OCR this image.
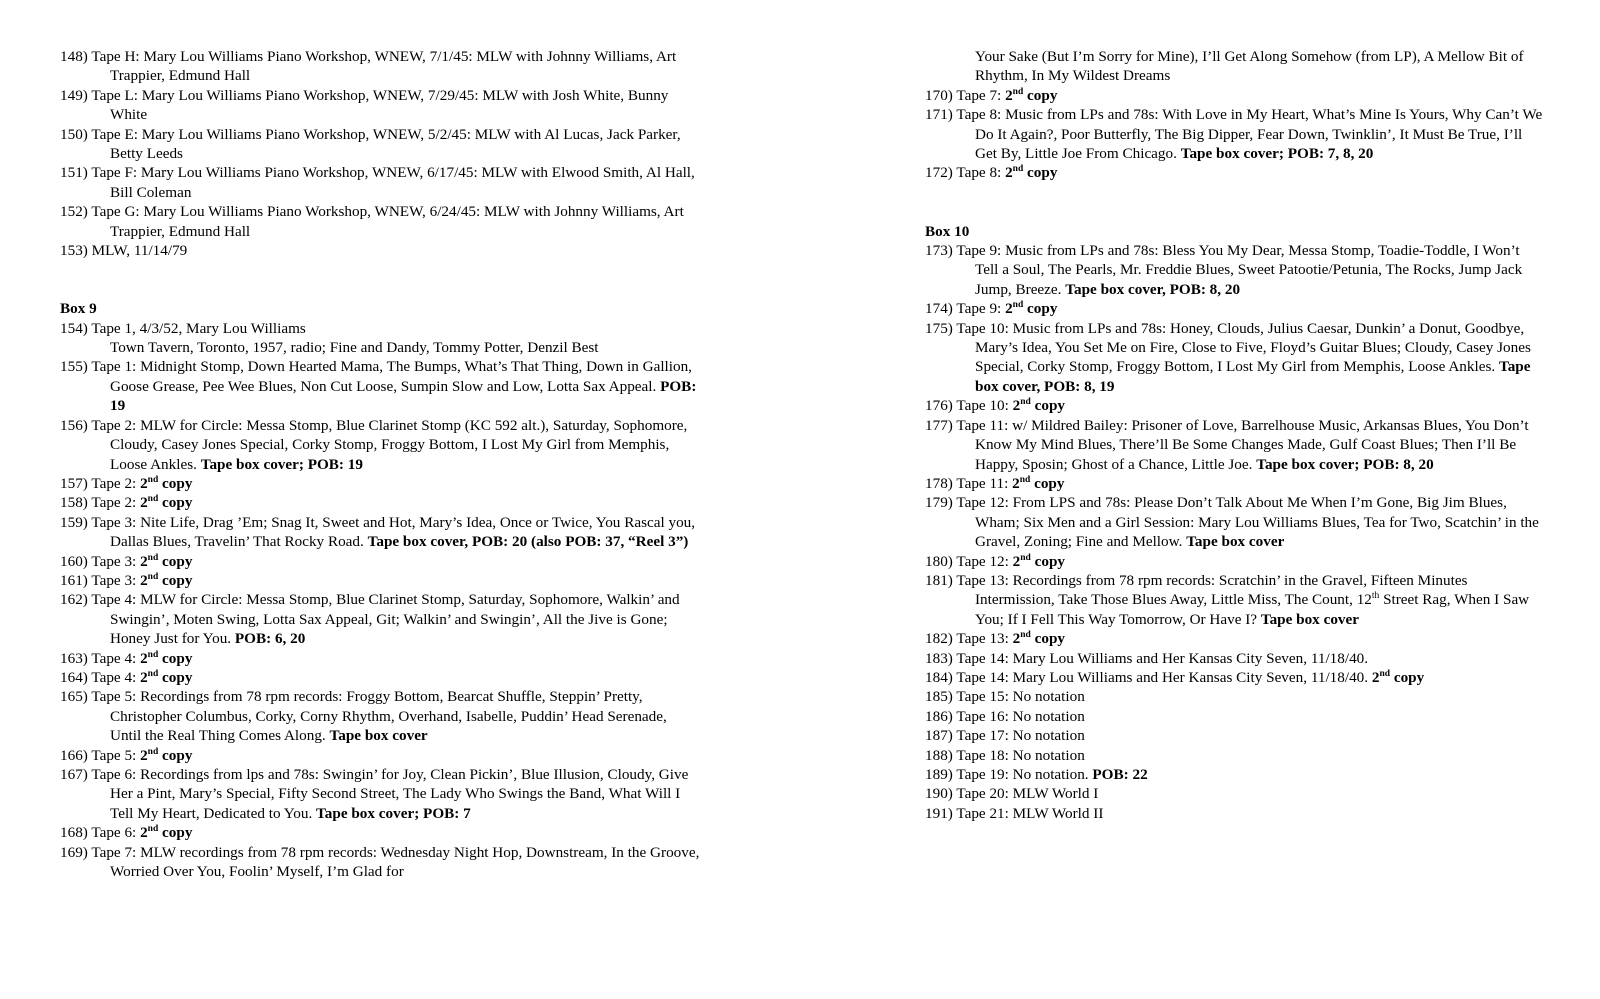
148) Tape H: Mary Lou Williams Piano Workshop, WNEW, 7/1/45: MLW with Johnny Williams, Art Trappier, Edmund Hall

149) Tape L: Mary Lou Williams Piano Workshop, WNEW, 7/29/45: MLW with Josh White, Bunny White

150) Tape E: Mary Lou Williams Piano Workshop, WNEW, 5/2/45: MLW with Al Lucas, Jack Parker, Betty Leeds

151) Tape F: Mary Lou Williams Piano Workshop, WNEW, 6/17/45: MLW with Elwood Smith, Al Hall, Bill Coleman

152) Tape G: Mary Lou Williams Piano Workshop, WNEW, 6/24/45: MLW with Johnny Williams, Art Trappier, Edmund Hall

153) MLW, 11/14/79

Box 9

154) Tape 1, 4/3/52, Mary Lou Williams

Town Tavern, Toronto, 1957, radio; Fine and Dandy, Tommy Potter, Denzil Best

155) Tape 1: Midnight Stomp, Down Hearted Mama, The Bumps, What’s That Thing, Down in Gallion, Goose Grease, Pee Wee Blues, Non Cut Loose, Sumpin Slow and Low, Lotta Sax Appeal. POB: 19

156) Tape 2: MLW for Circle: Messa Stomp, Blue Clarinet Stomp (KC 592 alt.), Saturday, Sophomore, Cloudy, Casey Jones Special, Corky Stomp, Froggy Bottom, I Lost My Girl from Memphis, Loose Ankles. Tape box cover; POB: 19

157) Tape 2: 2nd copy

158) Tape 2: 2nd copy

159) Tape 3: Nite Life, Drag ’Em; Snag It, Sweet and Hot, Mary’s Idea, Once or Twice, You Rascal you, Dallas Blues, Travelin’ That Rocky Road. Tape box cover, POB: 20 (also POB: 37, “Reel 3”)

160) Tape 3: 2nd copy

161) Tape 3: 2nd copy

162) Tape 4: MLW for Circle: Messa Stomp, Blue Clarinet Stomp, Saturday, Sophomore, Walkin’ and Swingin’, Moten Swing, Lotta Sax Appeal, Git; Walkin’ and Swingin’, All the Jive is Gone; Honey Just for You. POB: 6, 20

163) Tape 4: 2nd copy

164) Tape 4: 2nd copy

165) Tape 5: Recordings from 78 rpm records: Froggy Bottom, Bearcat Shuffle, Steppin’ Pretty, Christopher Columbus, Corky, Corny Rhythm, Overhand, Isabelle, Puddin’ Head Serenade, Until the Real Thing Comes Along. Tape box cover

166) Tape 5: 2nd copy

167) Tape 6: Recordings from lps and 78s: Swingin’ for Joy, Clean Pickin’, Blue Illusion, Cloudy, Give Her a Pint, Mary’s Special, Fifty Second Street, The Lady Who Swings the Band, What Will I Tell My Heart, Dedicated to You. Tape box cover; POB: 7

168) Tape 6: 2nd copy

169) Tape 7: MLW recordings from 78 rpm records: Wednesday Night Hop, Downstream, In the Groove, Worried Over You, Foolin’ Myself, I’m Glad for

Your Sake (But I’m Sorry for Mine), I’ll Get Along Somehow (from LP), A Mellow Bit of Rhythm, In My Wildest Dreams

170) Tape 7: 2nd copy

171) Tape 8: Music from LPs and 78s: With Love in My Heart, What’s Mine Is Yours, Why Can’t We Do It Again?, Poor Butterfly, The Big Dipper, Fear Down, Twinklin’, It Must Be True, I’ll Get By, Little Joe From Chicago. Tape box cover; POB: 7, 8, 20

172) Tape 8: 2nd copy

Box 10

173) Tape 9: Music from LPs and 78s: Bless You My Dear, Messa Stomp, Toadie-Toddle, I Won’t Tell a Soul, The Pearls, Mr. Freddie Blues, Sweet Patootie/Petunia, The Rocks, Jump Jack Jump, Breeze. Tape box cover, POB: 8, 20

174) Tape 9: 2nd copy

175) Tape 10: Music from LPs and 78s: Honey, Clouds, Julius Caesar, Dunkin’ a Donut, Goodbye, Mary’s Idea, You Set Me on Fire, Close to Five, Floyd’s Guitar Blues; Cloudy, Casey Jones Special, Corky Stomp, Froggy Bottom, I Lost My Girl from Memphis, Loose Ankles. Tape box cover, POB: 8, 19

176) Tape 10: 2nd copy

177) Tape 11: w/ Mildred Bailey: Prisoner of Love, Barrelhouse Music, Arkansas Blues, You Don’t Know My Mind Blues, There’ll Be Some Changes Made, Gulf Coast Blues; Then I’ll Be Happy, Sposin; Ghost of a Chance, Little Joe. Tape box cover; POB: 8, 20

178) Tape 11: 2nd copy

179) Tape 12: From LPS and 78s: Please Don’t Talk About Me When I’m Gone, Big Jim Blues, Wham; Six Men and a Girl Session: Mary Lou Williams Blues, Tea for Two, Scatchin’ in the Gravel, Zoning; Fine and Mellow. Tape box cover

180) Tape 12: 2nd copy

181) Tape 13: Recordings from 78 rpm records: Scratchin’ in the Gravel, Fifteen Minutes Intermission, Take Those Blues Away, Little Miss, The Count, 12th Street Rag, When I Saw You; If I Fell This Way Tomorrow, Or Have I? Tape box cover

182) Tape 13: 2nd copy

183) Tape 14: Mary Lou Williams and Her Kansas City Seven, 11/18/40.

184) Tape 14: Mary Lou Williams and Her Kansas City Seven, 11/18/40. 2nd copy

185) Tape 15: No notation

186) Tape 16: No notation

187) Tape 17: No notation

188) Tape 18: No notation

189) Tape 19: No notation. POB: 22

190) Tape 20: MLW World I

191) Tape 21: MLW World II
